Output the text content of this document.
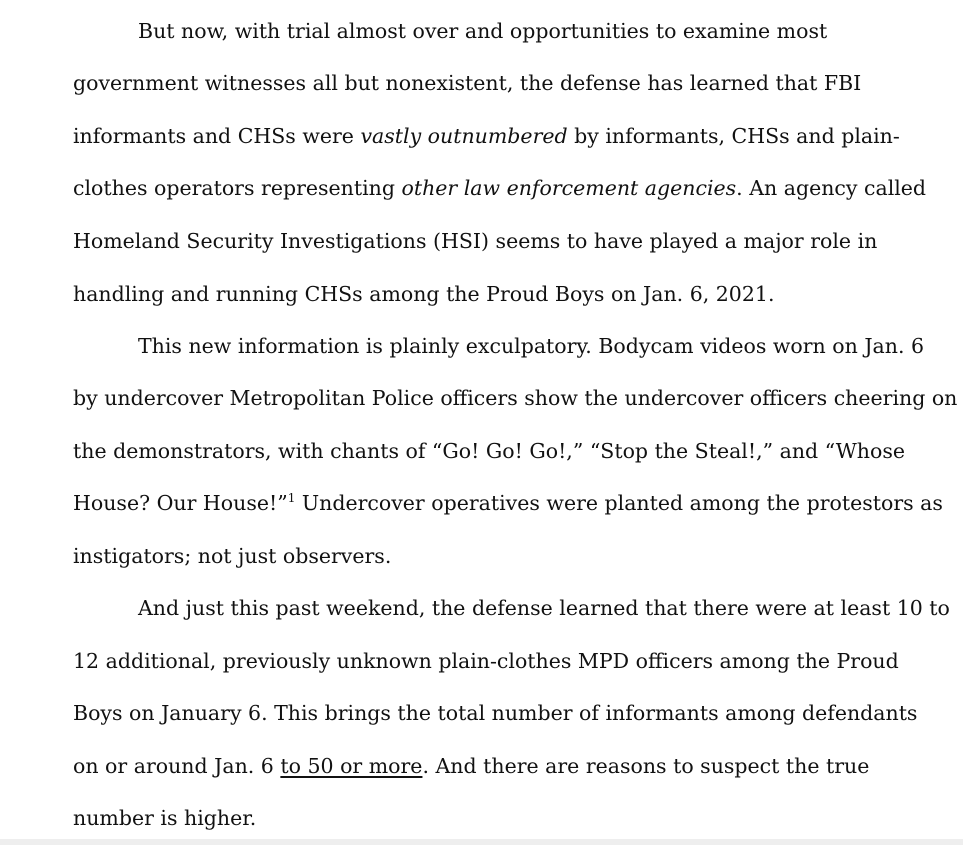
But now, with trial almost over and opportunities to examine most
government witnesses all but nonexistent, the defense has learned that FBI
informants and CHSs were vastly outnumbered by informants, CHSs and plain-
clothes operators representing other law enforcement agencies. An agency called
Homeland Security Investigations (HSI) seems to have played a major role in
handling and running CHSs among the Proud Boys on Jan. 6, 2021.
This new information is plainly exculpatory. Bodycam videos worn on Jan. 6
by undercover Metropolitan Police officers show the undercover officers cheering on
the demonstrators, with chants of “Go! Go! Go!,” “Stop the Steal!,” and “Whose
House? Our House!”$^1$ Undercover operatives were planted among the protestors as
instigators; not just observers.
And just this past weekend, the defense learned that there were at least 10 to
12 additional, previously unknown plain-clothes MPD officers among the Proud
Boys on January 6. This brings the total number of informants among defendants
on or around Jan. 6 to 50 or more. And there are reasons to suspect the true
number is higher.
